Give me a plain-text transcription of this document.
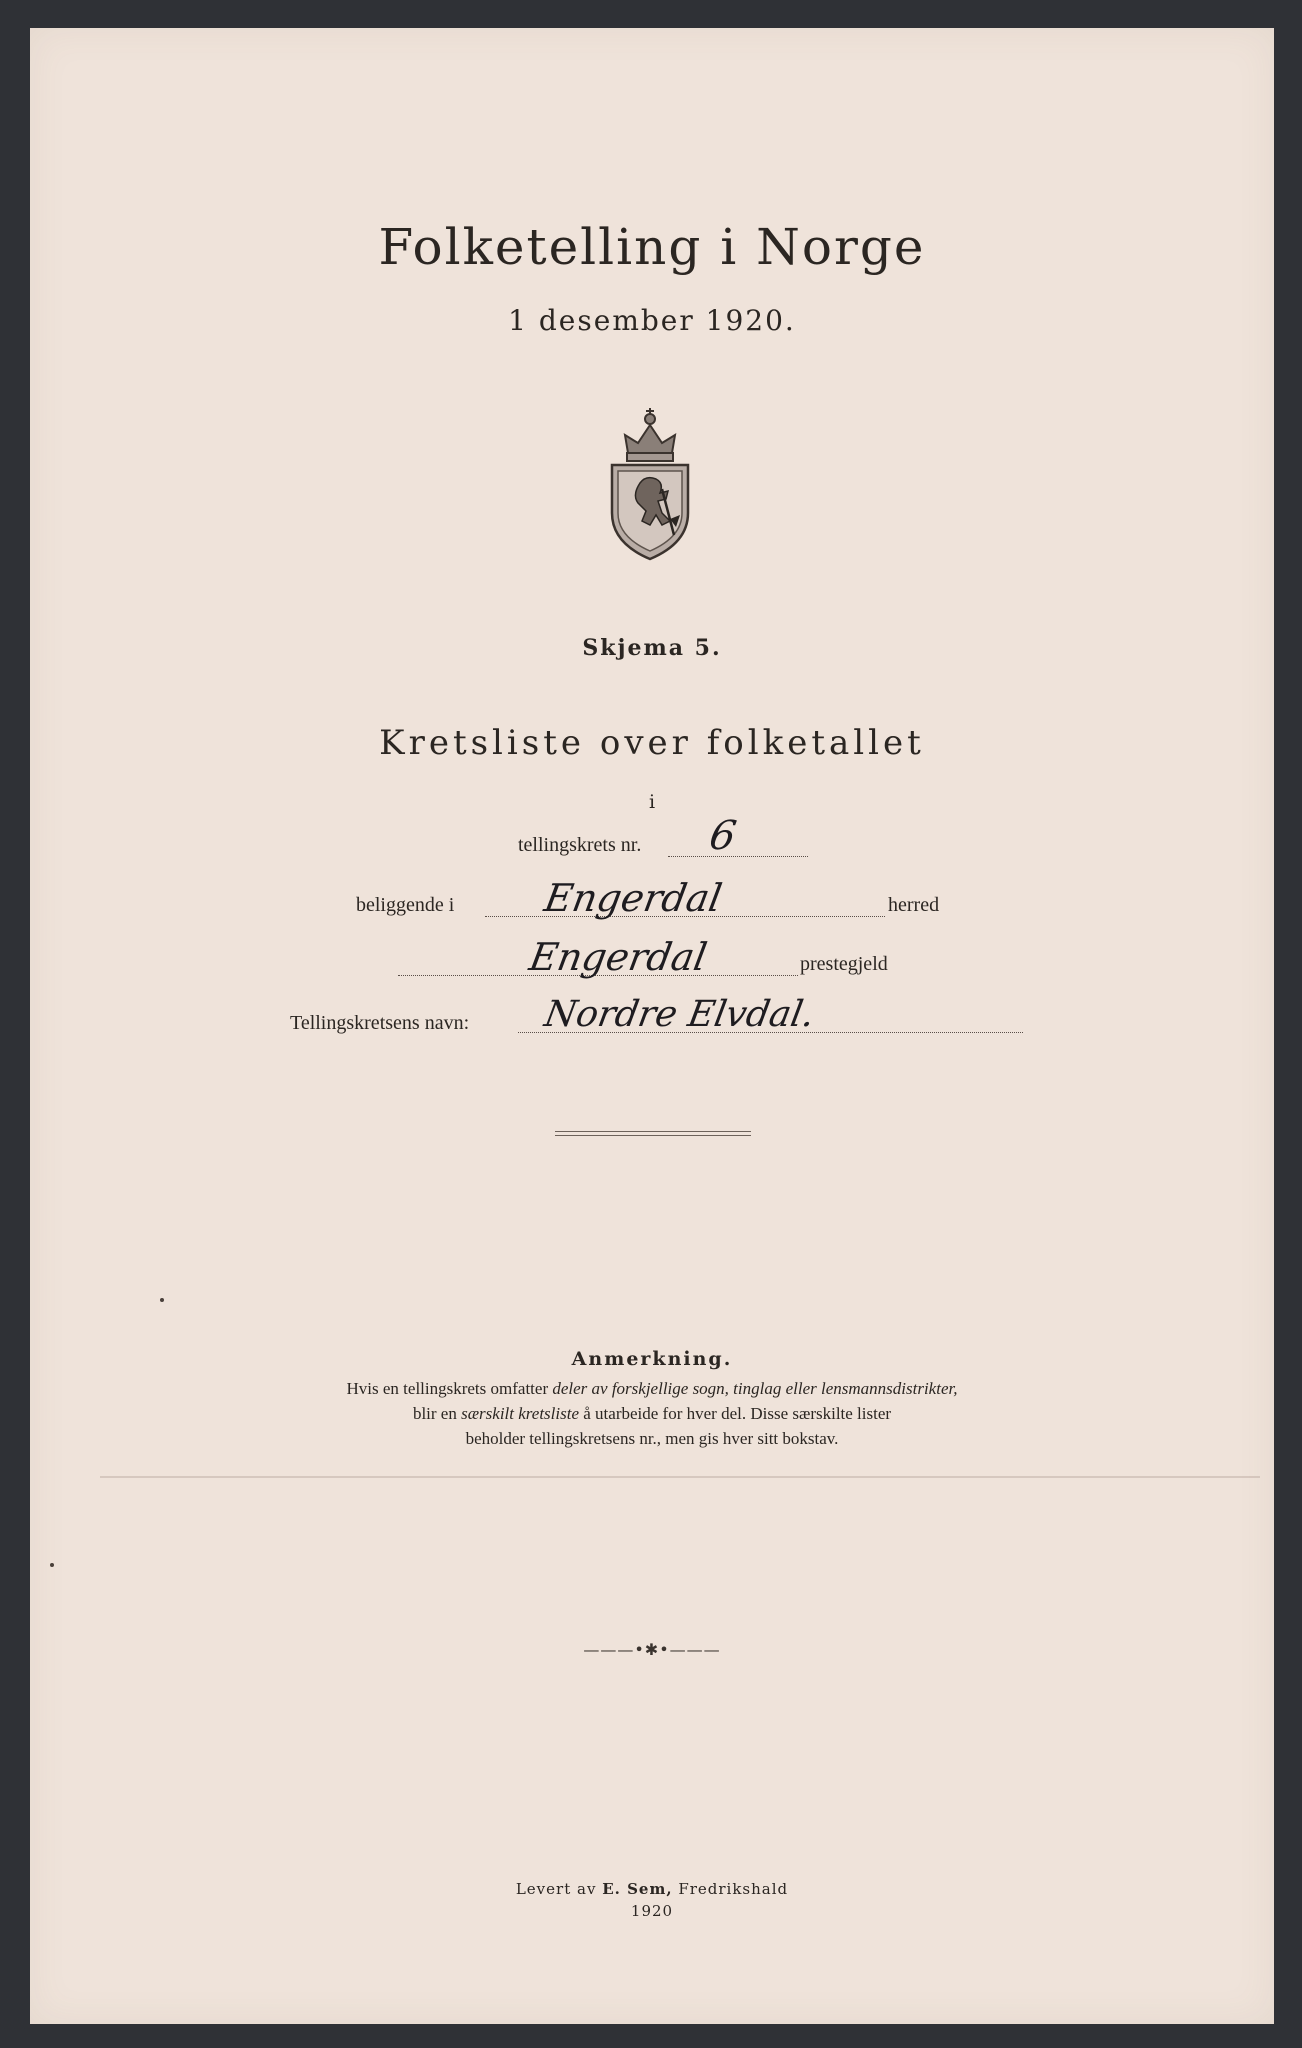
Folketelling i Norge
1 desember 1920.
Skjema 5.
Kretsliste over folketallet
i
tellingskrets nr. 6
beliggende i Engerdal	herred
Engerdal	prestegjeld
Tellingskretsens navn: Nordre Elvdal.
Anmerkning.
Hvis en tellingskrets omfatter deler av forskjellige sogn, tinglag eller lensmannsdistrikter,
blir en særskilt kretsliste å utarbeide for hver del. Disse særskilte lister
beholder tellingskretsens nr., men gis hver sitt bokstav.
———•✱•———
Levert av E. Sem, Fredrikshald
1920
